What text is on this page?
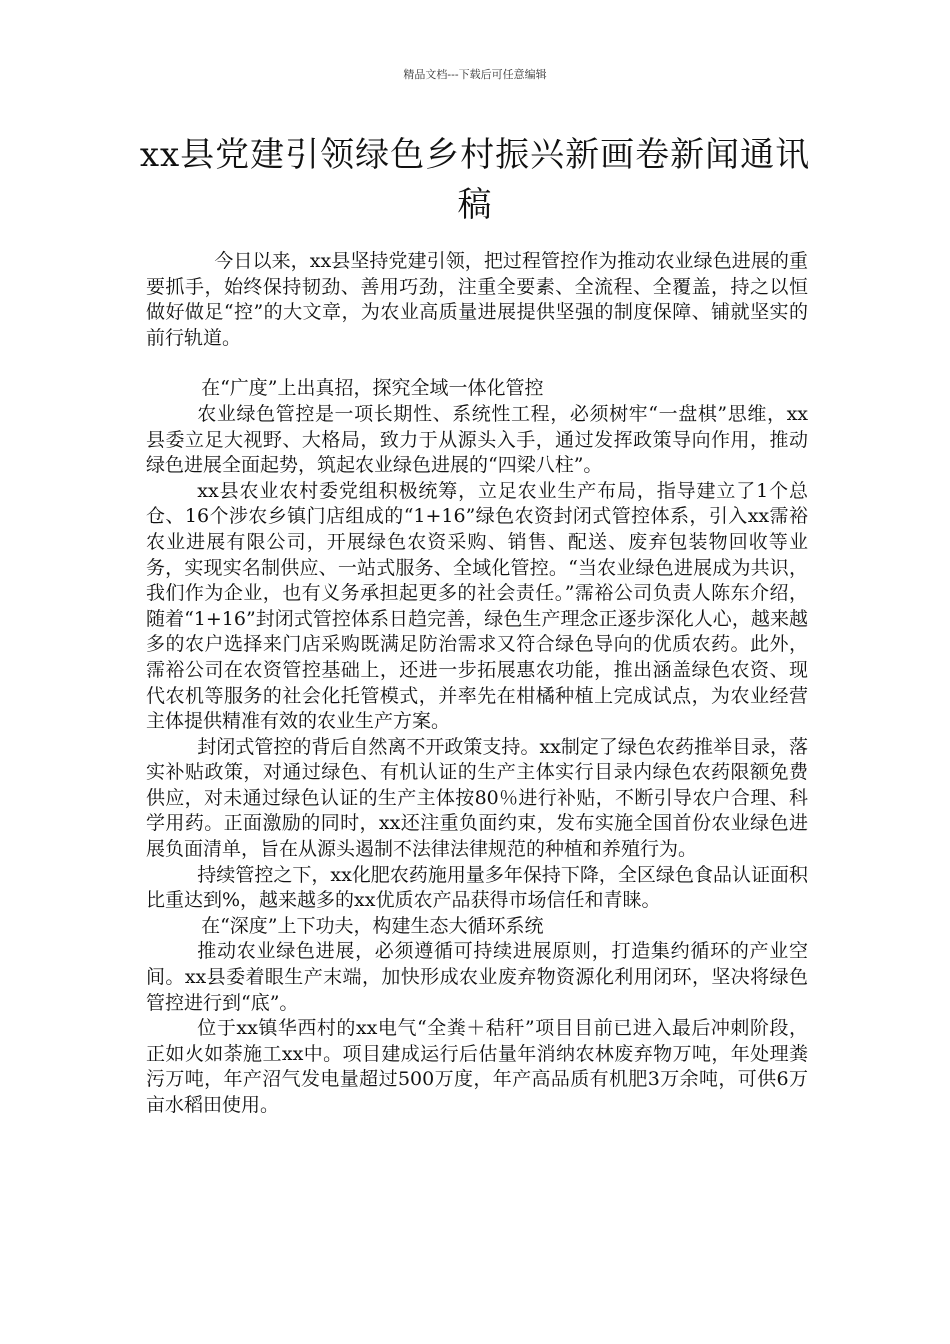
精品文档---下载后可任意编辑
xx县党建引领绿色乡村振兴新画卷新闻通讯稿

今日以来，xx县坚持党建引领，把过程管控作为推动农业绿色进展的重要抓手，始终保持韧劲、善用巧劲，注重全要素、全流程、全覆盖，持之以恒做好做足“控”的大文章，为农业高质量进展提供坚强的制度保障、铺就坚实的前行轨道。

在“广度”上出真招，探究全域一体化管控

农业绿色管控是一项长期性、系统性工程，必须树牢“一盘棋”思维，xx县委立足大视野、大格局，致力于从源头入手，通过发挥政策导向作用，推动绿色进展全面起势，筑起农业绿色进展的“四梁八柱”。

xx县农业农村委党组积极统筹，立足农业生产布局，指导建立了1个总仓、16个涉农乡镇门店组成的“1+16”绿色农资封闭式管控体系，引入xx霈裕农业进展有限公司，开展绿色农资采购、销售、配送、废弃包装物回收等业务，实现实名制供应、一站式服务、全域化管控。“当农业绿色进展成为共识，我们作为企业，也有义务承担起更多的社会责任。”霈裕公司负责人陈东介绍，随着“1+16”封闭式管控体系日趋完善，绿色生产理念正逐步深化人心，越来越多的农户选择来门店采购既满足防治需求又符合绿色导向的优质农药。此外，霈裕公司在农资管控基础上，还进一步拓展惠农功能，推出涵盖绿色农资、现代农机等服务的社会化托管模式，并率先在柑橘种植上完成试点，为农业经营主体提供精准有效的农业生产方案。

封闭式管控的背后自然离不开政策支持。xx制定了绿色农药推举目录，落实补贴政策，对通过绿色、有机认证的生产主体实行目录内绿色农药限额免费供应，对未通过绿色认证的生产主体按80％进行补贴，不断引导农户合理、科学用药。正面激励的同时，xx还注重负面约束，发布实施全国首份农业绿色进展负面清单，旨在从源头遏制不法律法律规范的种植和养殖行为。

持续管控之下，xx化肥农药施用量多年保持下降，全区绿色食品认证面积比重达到%，越来越多的xx优质农产品获得市场信任和青睐。

在“深度”上下功夫，构建生态大循环系统

推动农业绿色进展，必须遵循可持续进展原则，打造集约循环的产业空间。xx县委着眼生产末端，加快形成农业废弃物资源化利用闭环，坚决将绿色管控进行到“底”。

位于xx镇华西村的xx电气“全粪＋秸秆”项目目前已进入最后冲刺阶段，正如火如荼施工xx中。项目建成运行后估量年消纳农林废弃物万吨，年处理粪污万吨，年产沼气发电量超过500万度，年产高品质有机肥3万余吨，可供6万亩水稻田使用。
